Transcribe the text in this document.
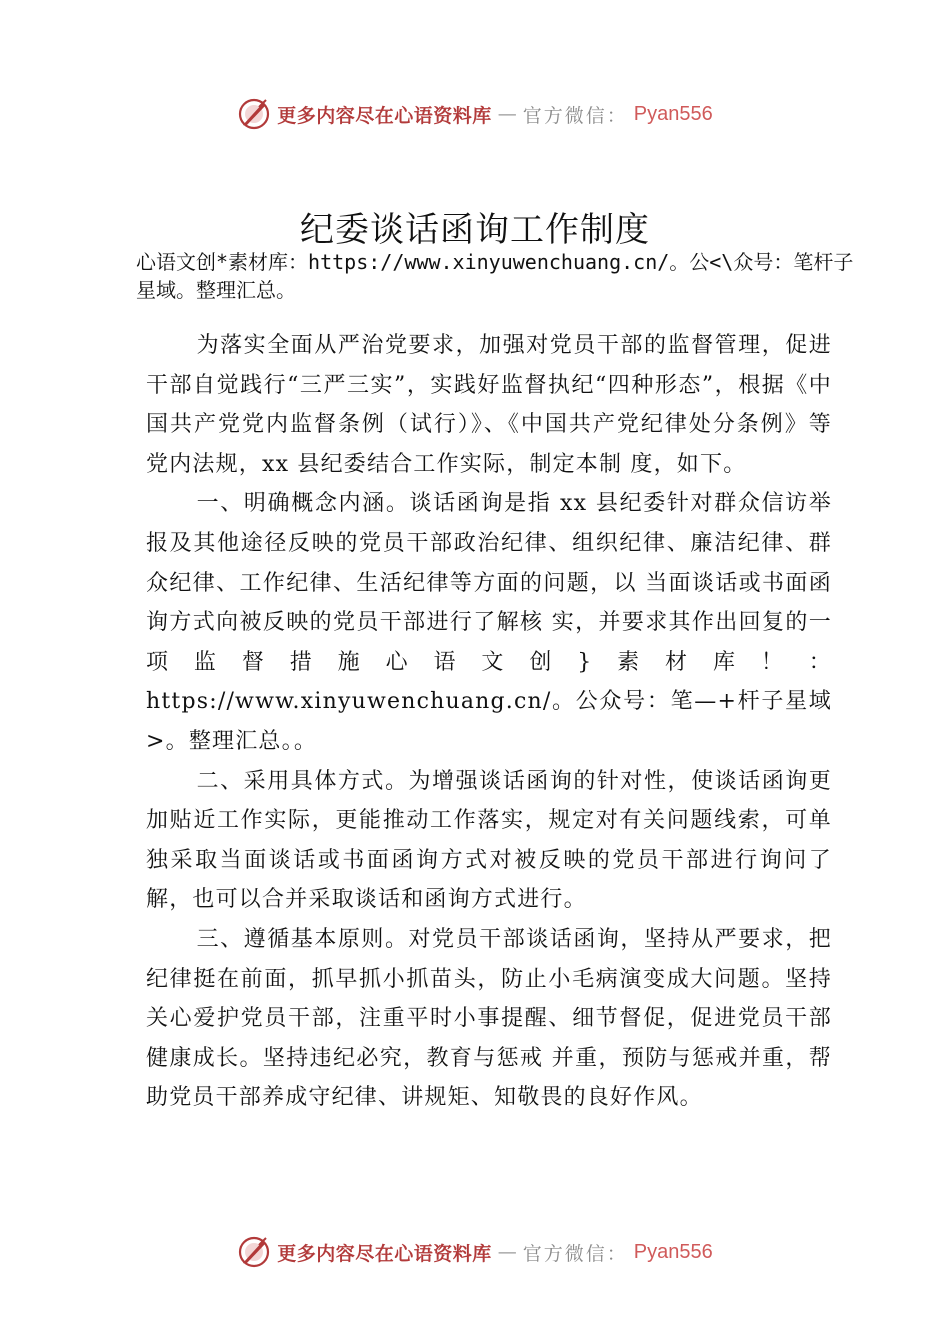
更多内容尽在心语资料库 — 官方微信： Pyan556
纪委谈话函询工作制度

心语文创*素材库：https://www.xinyuwenchuang.cn/。公<\众号：笔杆子星域。整理汇总。

为落实全面从严治党要求，加强对党员干部的监督管理，促进干部自觉践行“三严三实”，实践好监督执纪“四种形态”，根据《中国共产党党内监督条例（试行）》、《中国共产党纪律处分条例》等党内法规，xx 县纪委结合工作实际，制定本制 度，如下。

一、明确概念内涵。谈话函询是指 xx 县纪委针对群众信访举报及其他途径反映的党员干部政治纪律、组织纪律、廉洁纪律、群众纪律、工作纪律、生活纪律等方面的问题，以 当面谈话或书面函询方式向被反映的党员干部进行了解核 实，并要求其作出回复的一项监督措施心语文创}素材库！：https://www.xinyuwenchuang.cn/。公众号：笔—+杆子星域>。整理汇总。。

二、采用具体方式。为增强谈话函询的针对性，使谈话函询更加贴近工作实际，更能推动工作落实，规定对有关问题线索，可单独采取当面谈话或书面函询方式对被反映的党员干部进行询问了解，也可以合并采取谈话和函询方式进行。

三、遵循基本原则。对党员干部谈话函询，坚持从严要求，把纪律挺在前面，抓早抓小抓苗头，防止小毛病演变成大问题。坚持关心爱护党员干部，注重平时小事提醒、细节督促，促进党员干部健康成长。坚持违纪必究，教育与惩戒 并重，预防与惩戒并重，帮助党员干部养成守纪律、讲规矩、知敬畏的良好作风。

更多内容尽在心语资料库 — 官方微信： Pyan556
